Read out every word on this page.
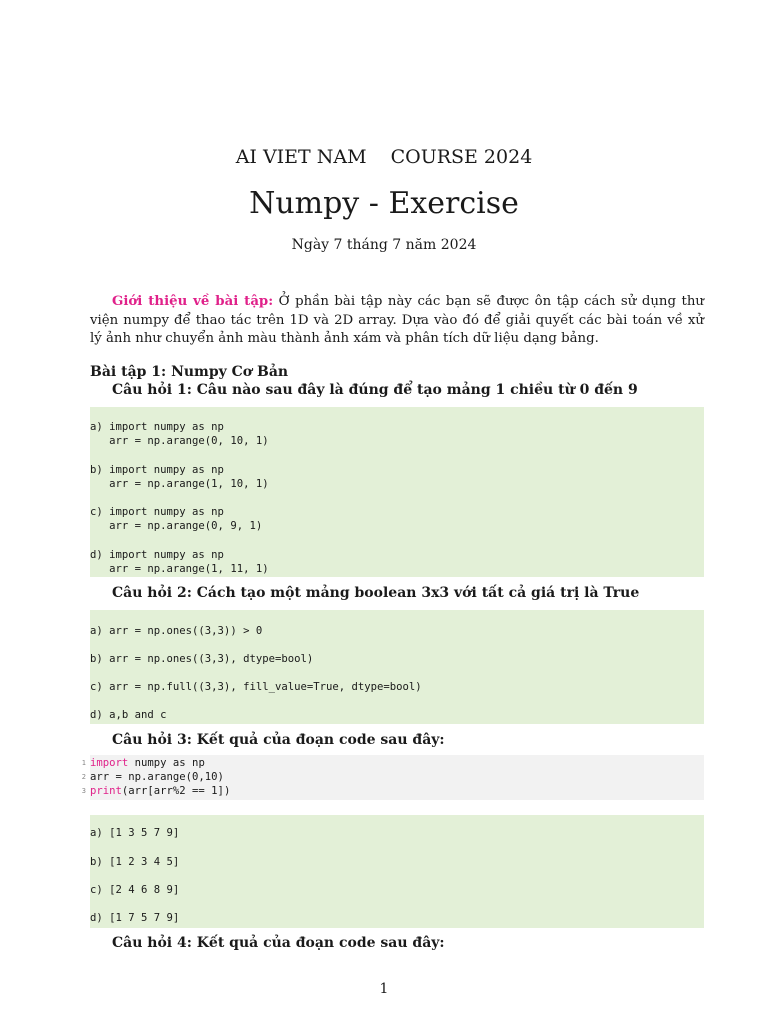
AI VIET NAM COURSE 2024
Numpy - Exercise
Ngày 7 tháng 7 năm 2024
Giới thiệu về bài tập: Ở phần bài tập này các bạn sẽ được ôn tập cách sử dụng thư viện numpy để thao tác trên 1D và 2D array. Dựa vào đó để giải quyết các bài toán về xử lý ảnh như chuyển ảnh màu thành ảnh xám và phân tích dữ liệu dạng bảng.
Bài tập 1: Numpy Cơ Bản
Câu hỏi 1: Câu nào sau đây là đúng để tạo mảng 1 chiều từ 0 đến 9
a) import numpy as np
arr = np.arange(0, 10, 1)
b) import numpy as np
arr = np.arange(1, 10, 1)
c) import numpy as np
arr = np.arange(0, 9, 1)
d) import numpy as np
arr = np.arange(1, 11, 1)
Câu hỏi 2: Cách tạo một mảng boolean 3x3 với tất cả giá trị là True
a) arr = np.ones((3,3)) > 0
b) arr = np.ones((3,3), dtype=bool)
c) arr = np.full((3,3), fill_value=True, dtype=bool)
d) a,b and c
Câu hỏi 3: Kết quả của đoạn code sau đây:
1 import numpy as np
2 arr = np.arange(0,10)
3 print(arr[arr%2 == 1])
a) [1 3 5 7 9]
b) [1 2 3 4 5]
c) [2 4 6 8 9]
d) [1 7 5 7 9]
Câu hỏi 4: Kết quả của đoạn code sau đây:
1
